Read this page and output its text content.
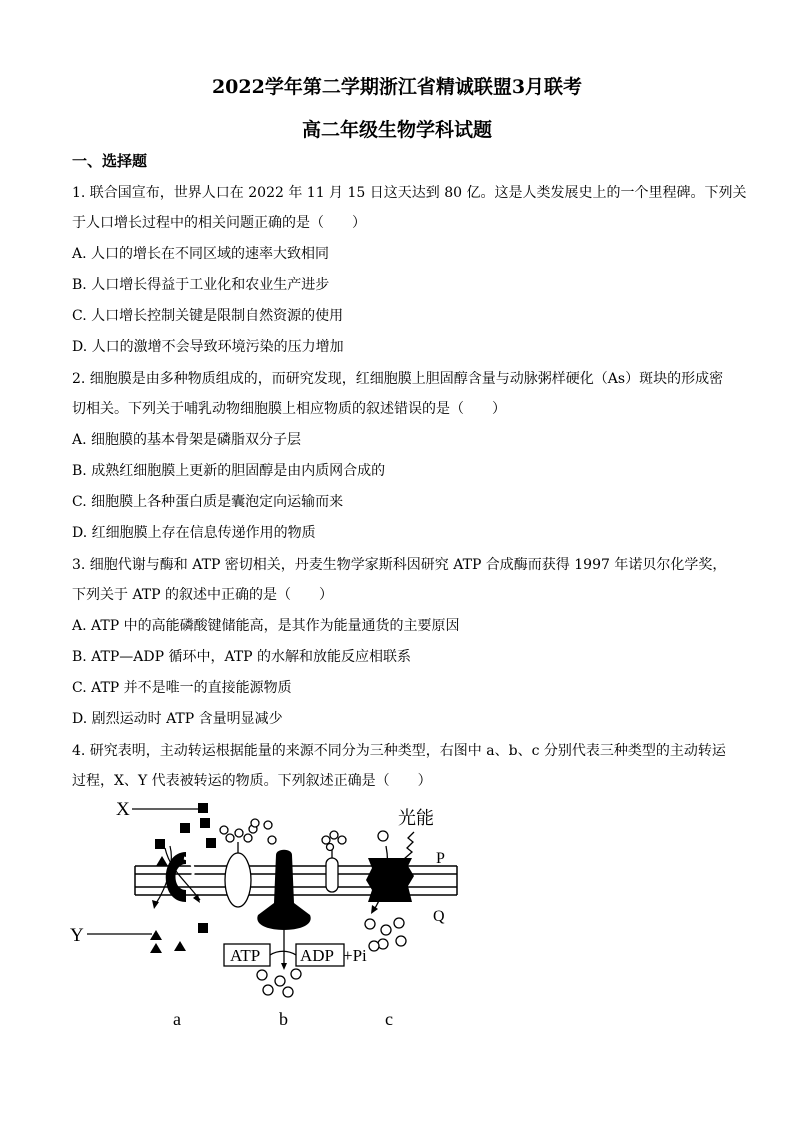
2022学年第二学期浙江省精诚联盟3月联考
高二年级生物学科试题
一、选择题
1. 联合国宣布，世界人口在 2022 年 11 月 15 日这天达到 80 亿。这是人类发展史上的一个里程碑。下列关
于人口增长过程中的相关问题正确的是（　　）
A. 人口的增长在不同区域的速率大致相同
B. 人口增长得益于工业化和农业生产进步
C. 人口增长控制关键是限制自然资源的使用
D. 人口的激增不会导致环境污染的压力增加
2. 细胞膜是由多种物质组成的，而研究发现，红细胞膜上胆固醇含量与动脉粥样硬化（As）斑块的形成密
切相关。下列关于哺乳动物细胞膜上相应物质的叙述错误的是（　　）
A. 细胞膜的基本骨架是磷脂双分子层
B. 成熟红细胞膜上更新的胆固醇是由内质网合成的
C. 细胞膜上各种蛋白质是囊泡定向运输而来
D. 红细胞膜上存在信息传递作用的物质
3. 细胞代谢与酶和 ATP 密切相关，丹麦生物学家斯科因研究 ATP 合成酶而获得 1997 年诺贝尔化学奖，
下列关于 ATP 的叙述中正确的是（　　）
A. ATP 中的高能磷酸键储能高，是其作为能量通货的主要原因
B. ATP—ADP 循环中，ATP 的水解和放能反应相联系
C. ATP 并不是唯一的直接能源物质
D. 剧烈运动时 ATP 含量明显减少
4. 研究表明，主动转运根据能量的来源不同分为三种类型，右图中 a、b、c 分别代表三种类型的主动转运
过程，X、Y 代表被转运的物质。下列叙述正确是（　　）
X
Y
光能
P
Q
ATP ADP +Pi
a	b	c
